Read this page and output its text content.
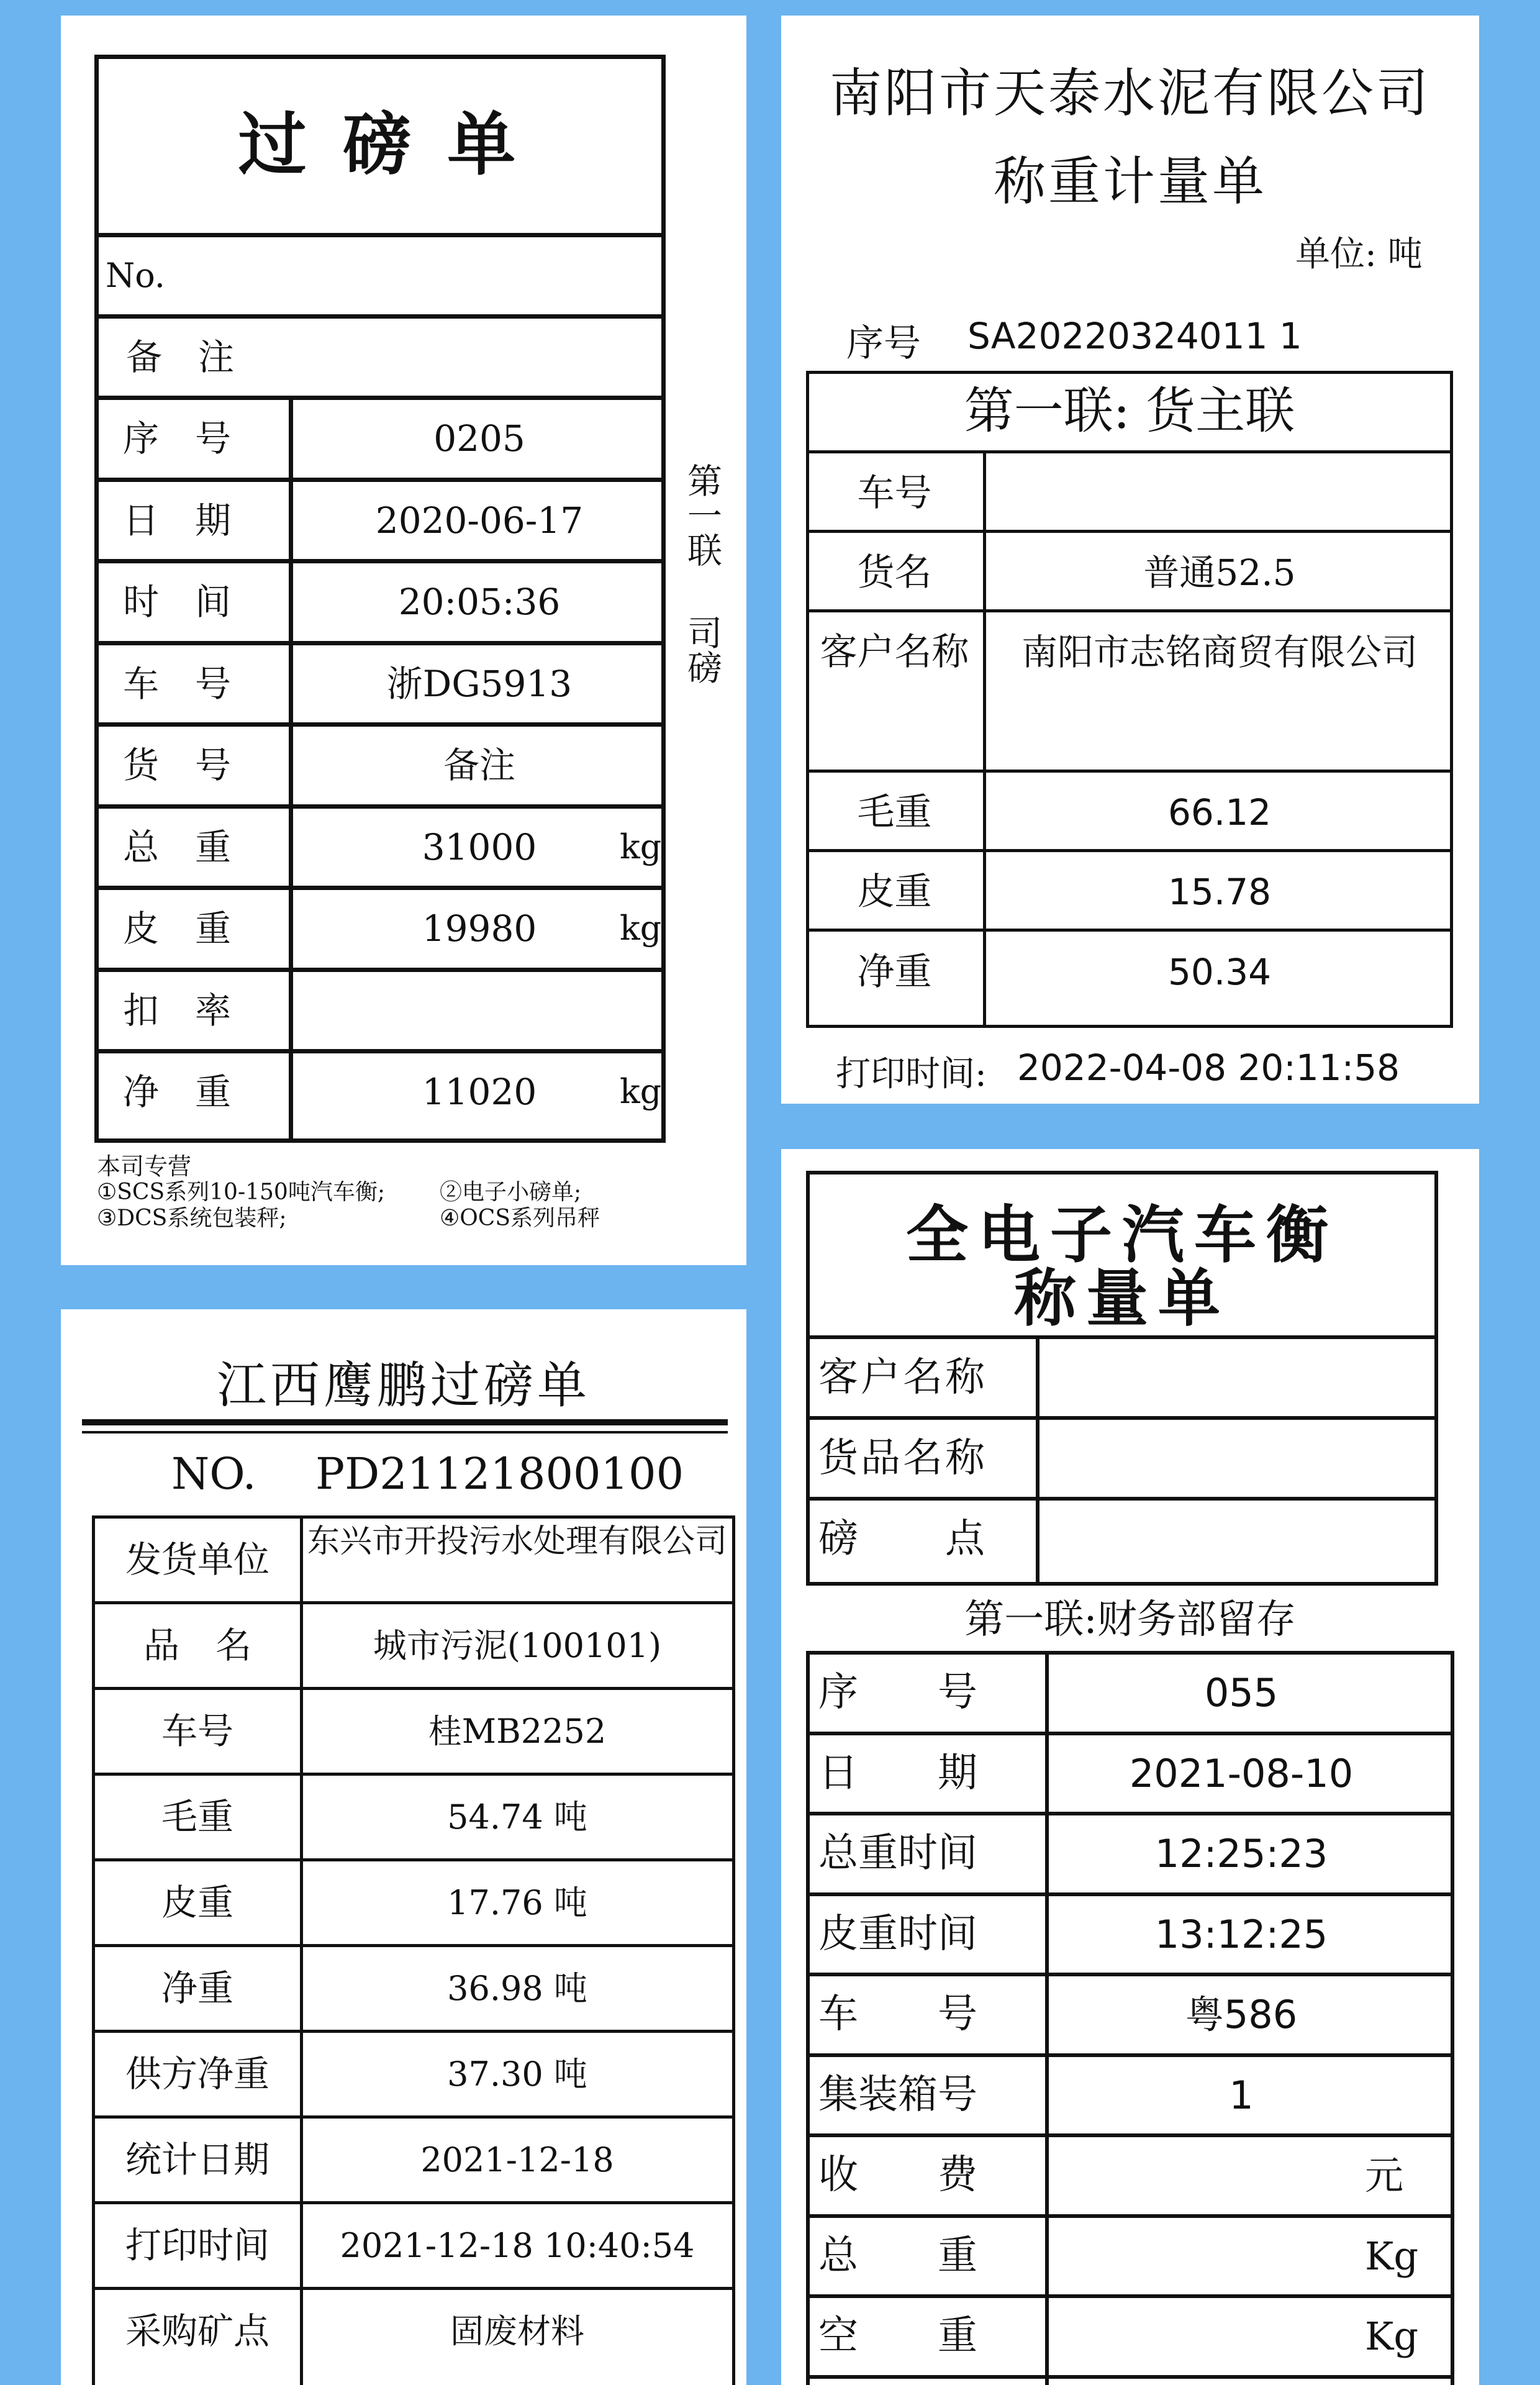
过 磅 单
No.
备　注
序　号	0205
日　期	2020-06-17
时　间	20:05:36
车　号	浙DG5913
货　号	备注
总　重	31000	kg
皮　重	19980	kg
扣　率
净　重	11020	kg
第一联
司磅
本司专营
①SCS系列10-150吨汽车衡; ②电子小磅单;
③DCS系统包装秤;	④OCS系列吊秤
南阳市天泰水泥有限公司
称重计量单
单位: 吨
序号 SA20220324011 1
第一联: 货主联
车号
货名	普通52.5
客户名称	南阳市志铭商贸有限公司
毛重	66.12
皮重	15.78
净重	50.34
打印时间: 2022-04-08 20:11:58
江西鹰鹏过磅单
NO. PD21121800100
发货单位	东兴市开投污水处理有限公司
品　名	城市污泥(100101)
车号	桂MB2252
毛重	54.74 吨
皮重	17.76 吨
净重	36.98 吨
供方净重	37.30 吨
统计日期	2021-12-18
打印时间	2021-12-18 10:40:54
采购矿点	固废材料
全电子汽车衡
称量单
客户名称
货品名称
磅　　点
第一联:财务部留存
序　　号	055
日　　期	2021-08-10
总重时间	12:25:23
皮重时间	13:12:25
车　　号	粤586
集装箱号	1
收　　费	元
总　　重	Kg
空　　重	Kg
